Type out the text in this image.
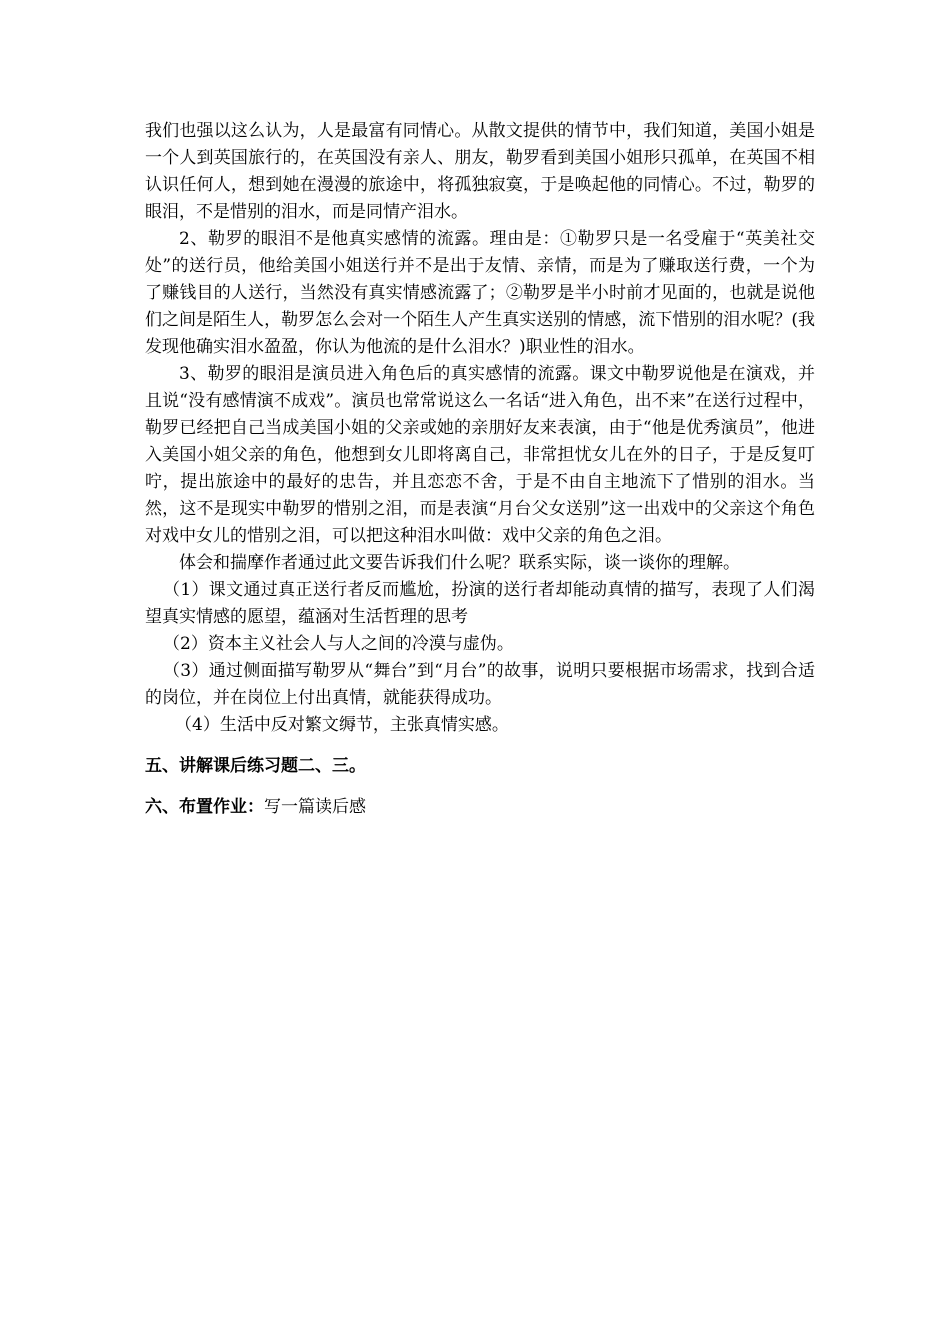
我们也强以这么认为，人是最富有同情心。从散文提供的情节中，我们知道，美国小姐是一个人到英国旅行的，在英国没有亲人、朋友，勒罗看到美国小姐形只孤单，在英国不相认识任何人，想到她在漫漫的旅途中，将孤独寂寞，于是唤起他的同情心。不过，勒罗的眼泪，不是惜别的泪水，而是同情产泪水。

2、勒罗的眼泪不是他真实感情的流露。理由是：①勒罗只是一名受雇于“英美社交处”的送行员，他给美国小姐送行并不是出于友情、亲情，而是为了赚取送行费，一个为了赚钱目的人送行，当然没有真实情感流露了；②勒罗是半小时前才见面的，也就是说他们之间是陌生人，勒罗怎么会对一个陌生人产生真实送别的情感，流下惜别的泪水呢？(我发现他确实泪水盈盈，你认为他流的是什么泪水？)职业性的泪水。

3、勒罗的眼泪是演员进入角色后的真实感情的流露。课文中勒罗说他是在演戏，并且说“没有感情演不成戏”。演员也常常说这么一名话“进入角色，出不来”在送行过程中，勒罗已经把自己当成美国小姐的父亲或她的亲朋好友来表演，由于“他是优秀演员”，他进入美国小姐父亲的角色，他想到女儿即将离自己，非常担忧女儿在外的日子，于是反复叮咛，提出旅途中的最好的忠告，并且恋恋不舍，于是不由自主地流下了惜别的泪水。当然，这不是现实中勒罗的惜别之泪，而是表演“月台父女送别”这一出戏中的父亲这个角色对戏中女儿的惜别之泪，可以把这种泪水叫做：戏中父亲的角色之泪。

体会和揣摩作者通过此文要告诉我们什么呢？联系实际，谈一谈你的理解。

（1）课文通过真正送行者反而尴尬，扮演的送行者却能动真情的描写，表现了人们渴望真实情感的愿望，蕴涵对生活哲理的思考

（2）资本主义社会人与人之间的冷漠与虚伪。

（3）通过侧面描写勒罗从“舞台”到“月台”的故事，说明只要根据市场需求，找到合适的岗位，并在岗位上付出真情，就能获得成功。

（4）生活中反对繁文缛节，主张真情实感。

五、讲解课后练习题二、三。

六、布置作业：写一篇读后感
